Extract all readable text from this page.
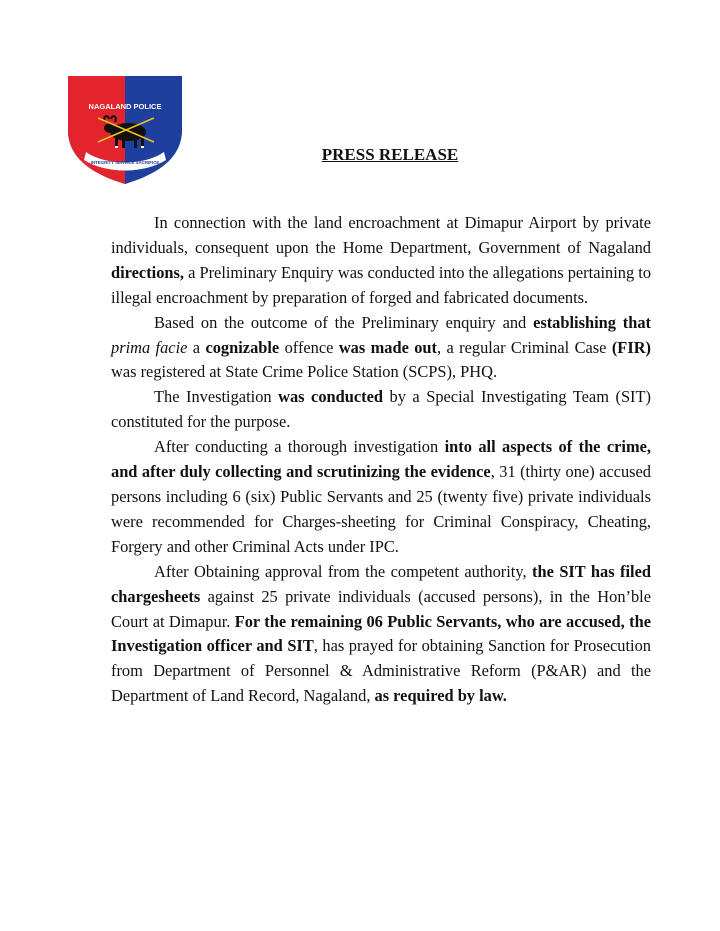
NAGALAND POLICE
INTEGRITY SERVICE SACRIFICE	PRESS RELEASE

In connection with the land encroachment at Dimapur Airport by private individuals, consequent upon the Home Department, Government of Nagaland directions, a Preliminary Enquiry was conducted into the allegations pertaining to illegal encroachment by preparation of forged and fabricated documents.

Based on the outcome of the Preliminary enquiry and establishing that prima facie a cognizable offence was made out, a regular Criminal Case (FIR) was registered at State Crime Police Station (SCPS), PHQ.

The Investigation was conducted by a Special Investigating Team (SIT) constituted for the purpose.

After conducting a thorough investigation into all aspects of the crime, and after duly collecting and scrutinizing the evidence, 31 (thirty one) accused persons including 6 (six) Public Servants and 25 (twenty five) private individuals were recommended for Charges-sheeting for Criminal Conspiracy, Cheating, Forgery and other Criminal Acts under IPC.

After Obtaining approval from the competent authority, the SIT has filed chargesheets against 25 private individuals (accused persons), in the Hon’ble Court at Dimapur. For the remaining 06 Public Servants, who are accused, the Investigation officer and SIT, has prayed for obtaining Sanction for Prosecution from Department of Personnel & Administrative Reform (P&AR) and the Department of Land Record, Nagaland, as required by law.
